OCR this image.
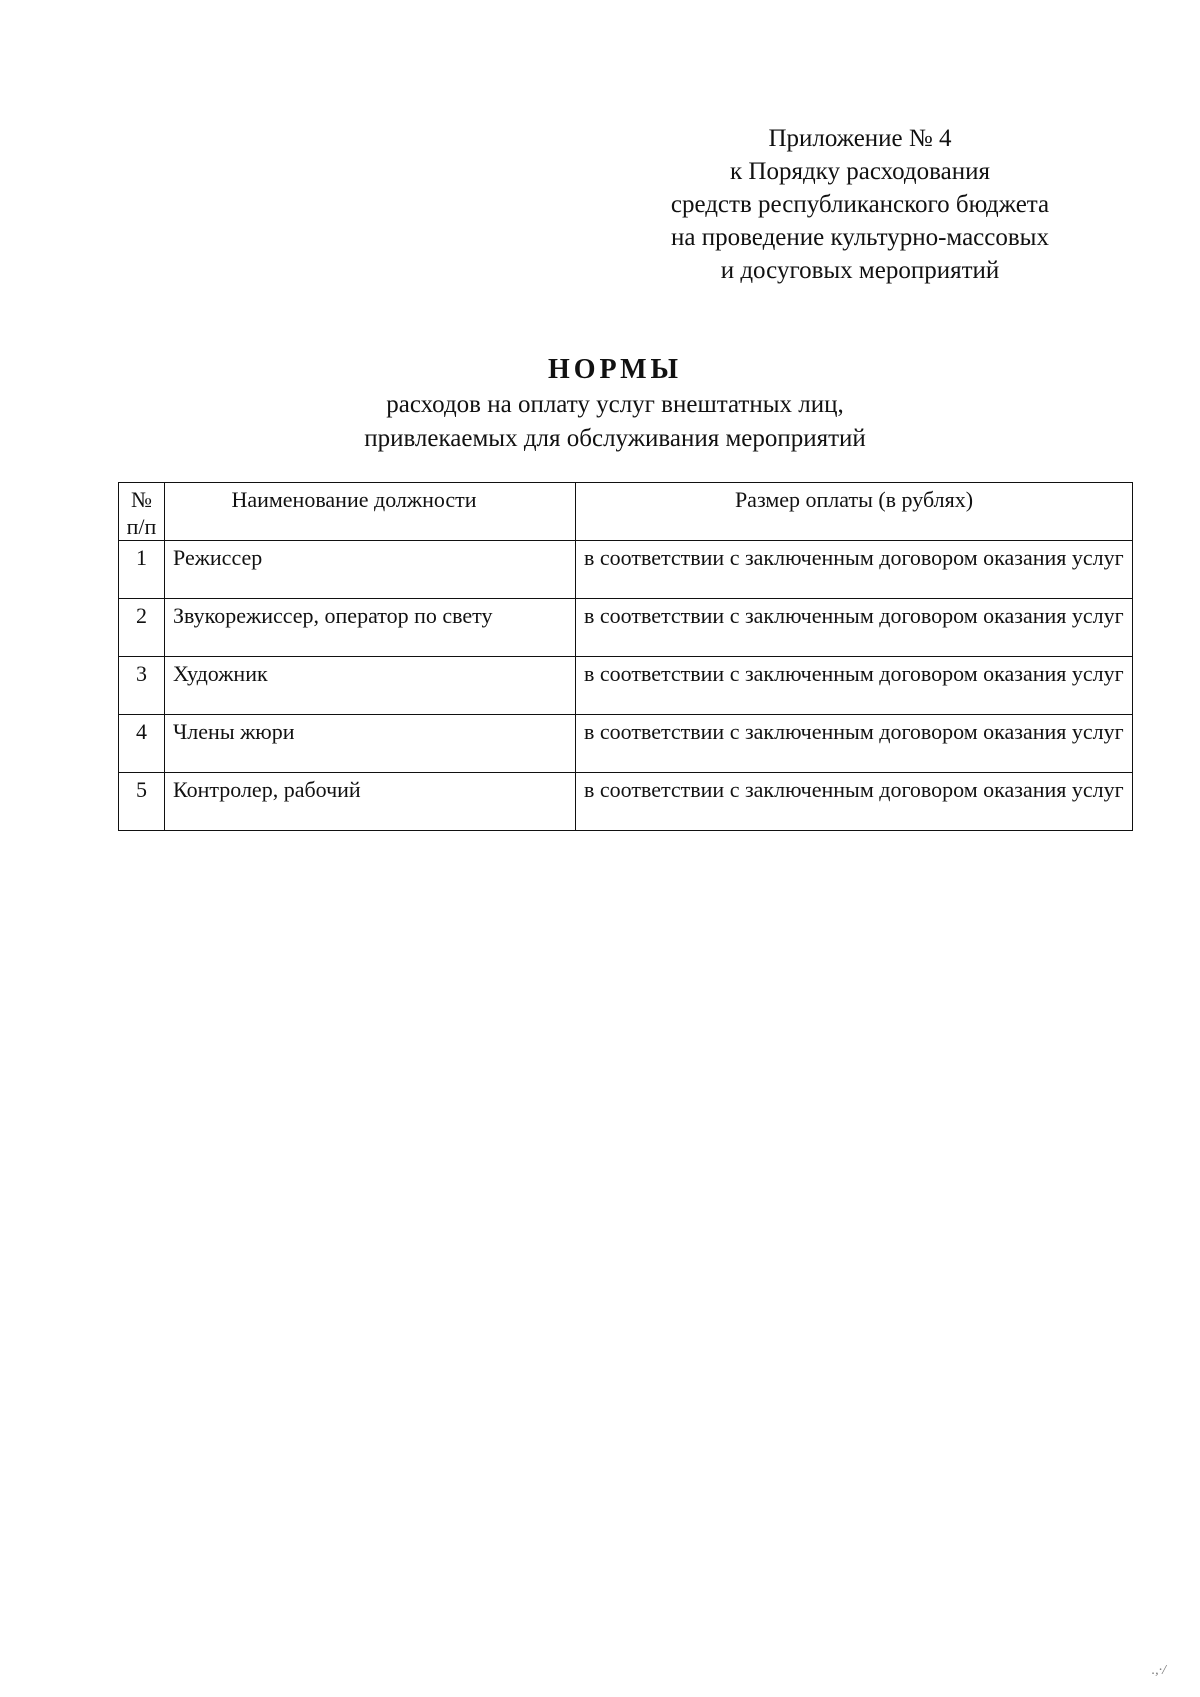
Приложение № 4
к Порядку расходования
средств республиканского бюджета
на проведение культурно-массовых
и досуговых мероприятий
НОРМЫ
расходов на оплату услуг внештатных лиц,
привлекаемых для обслуживания мероприятий
№ п/п	Наименование должности	Размер оплаты (в рублях)
1	Режиссер	в соответствии с заключенным договором оказания услуг
2	Звукорежиссер, оператор по свету	в соответствии с заключенным договором оказания услуг
3	Художник	в соответствии с заключенным договором оказания услуг
4	Члены жюри	в соответствии с заключенным договором оказания услуг
5	Контролер, рабочий	в соответствии с заключенным договором оказания услуг
.,·/
